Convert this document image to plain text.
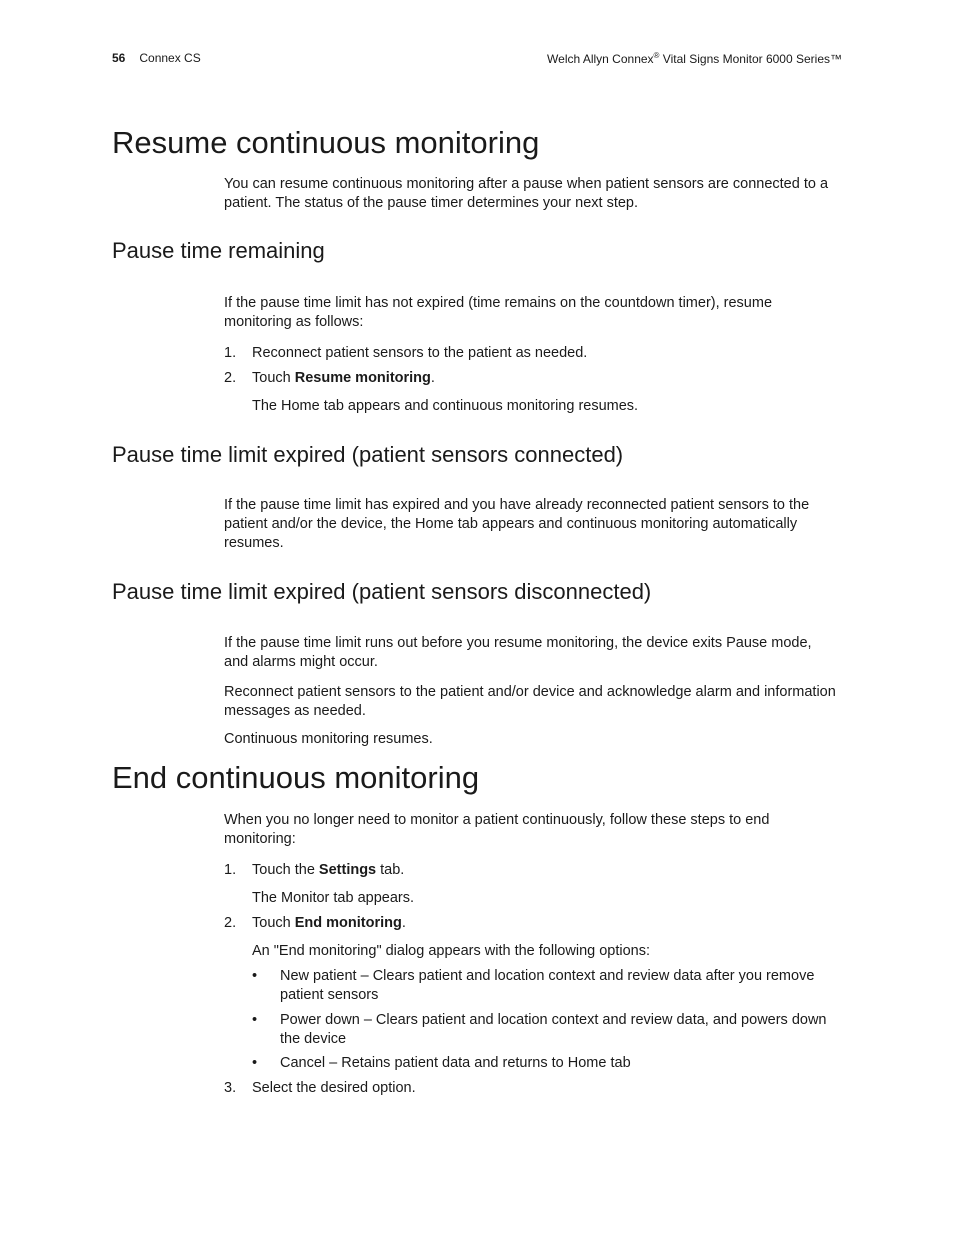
56 Connex CS	Welch Allyn Connex® Vital Signs Monitor 6000 Series™
Resume continuous monitoring

You can resume continuous monitoring after a pause when patient sensors are connected to a patient. The status of the pause timer determines your next step.

Pause time remaining

If the pause time limit has not expired (time remains on the countdown timer), resume monitoring as follows:

1. Reconnect patient sensors to the patient as needed.
2. Touch Resume monitoring.

The Home tab appears and continuous monitoring resumes.

Pause time limit expired (patient sensors connected)

If the pause time limit has expired and you have already reconnected patient sensors to the patient and/or the device, the Home tab appears and continuous monitoring automatically resumes.

Pause time limit expired (patient sensors disconnected)

If the pause time limit runs out before you resume monitoring, the device exits Pause mode, and alarms might occur.

Reconnect patient sensors to the patient and/or device and acknowledge alarm and information messages as needed.

Continuous monitoring resumes.

End continuous monitoring

When you no longer need to monitor a patient continuously, follow these steps to end monitoring:

1. Touch the Settings tab.

The Monitor tab appears.

2. Touch End monitoring.

An "End monitoring" dialog appears with the following options:

• New patient – Clears patient and location context and review data after you remove patient sensors
• Power down – Clears patient and location context and review data, and powers down the device
• Cancel – Retains patient data and returns to Home tab
3. Select the desired option.
